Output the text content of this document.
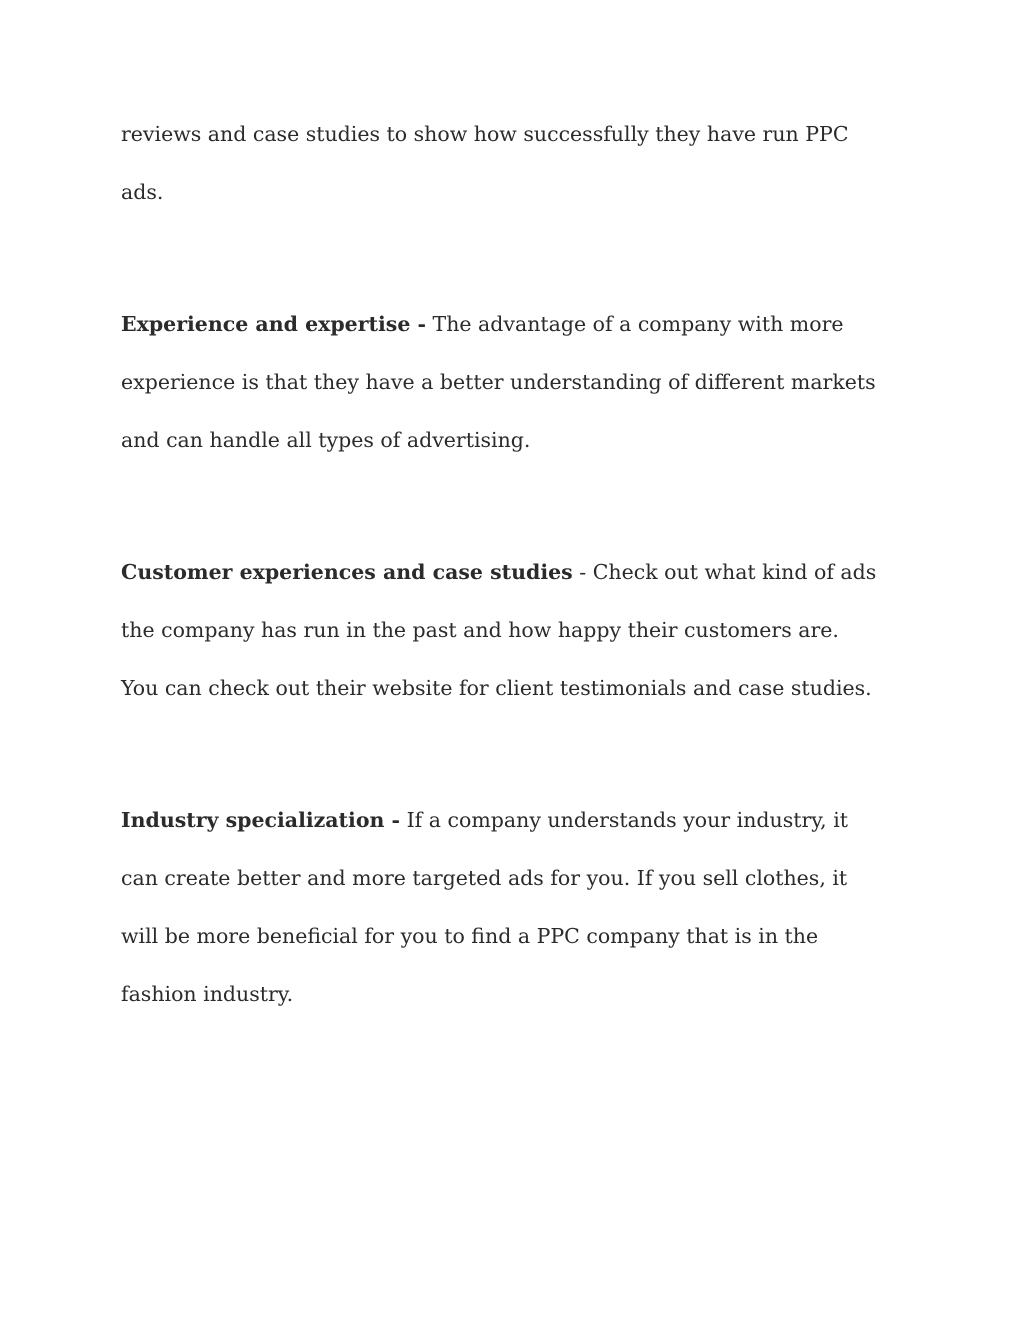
reviews and case studies to show how successfully they have run PPC ads.

Experience and expertise - The advantage of a company with more experience is that they have a better understanding of different markets and can handle all types of advertising.

Customer experiences and case studies - Check out what kind of ads the company has run in the past and how happy their customers are. You can check out their website for client testimonials and case studies.

Industry specialization - If a company understands your industry, it can create better and more targeted ads for you. If you sell clothes, it will be more beneficial for you to find a PPC company that is in the fashion industry.
